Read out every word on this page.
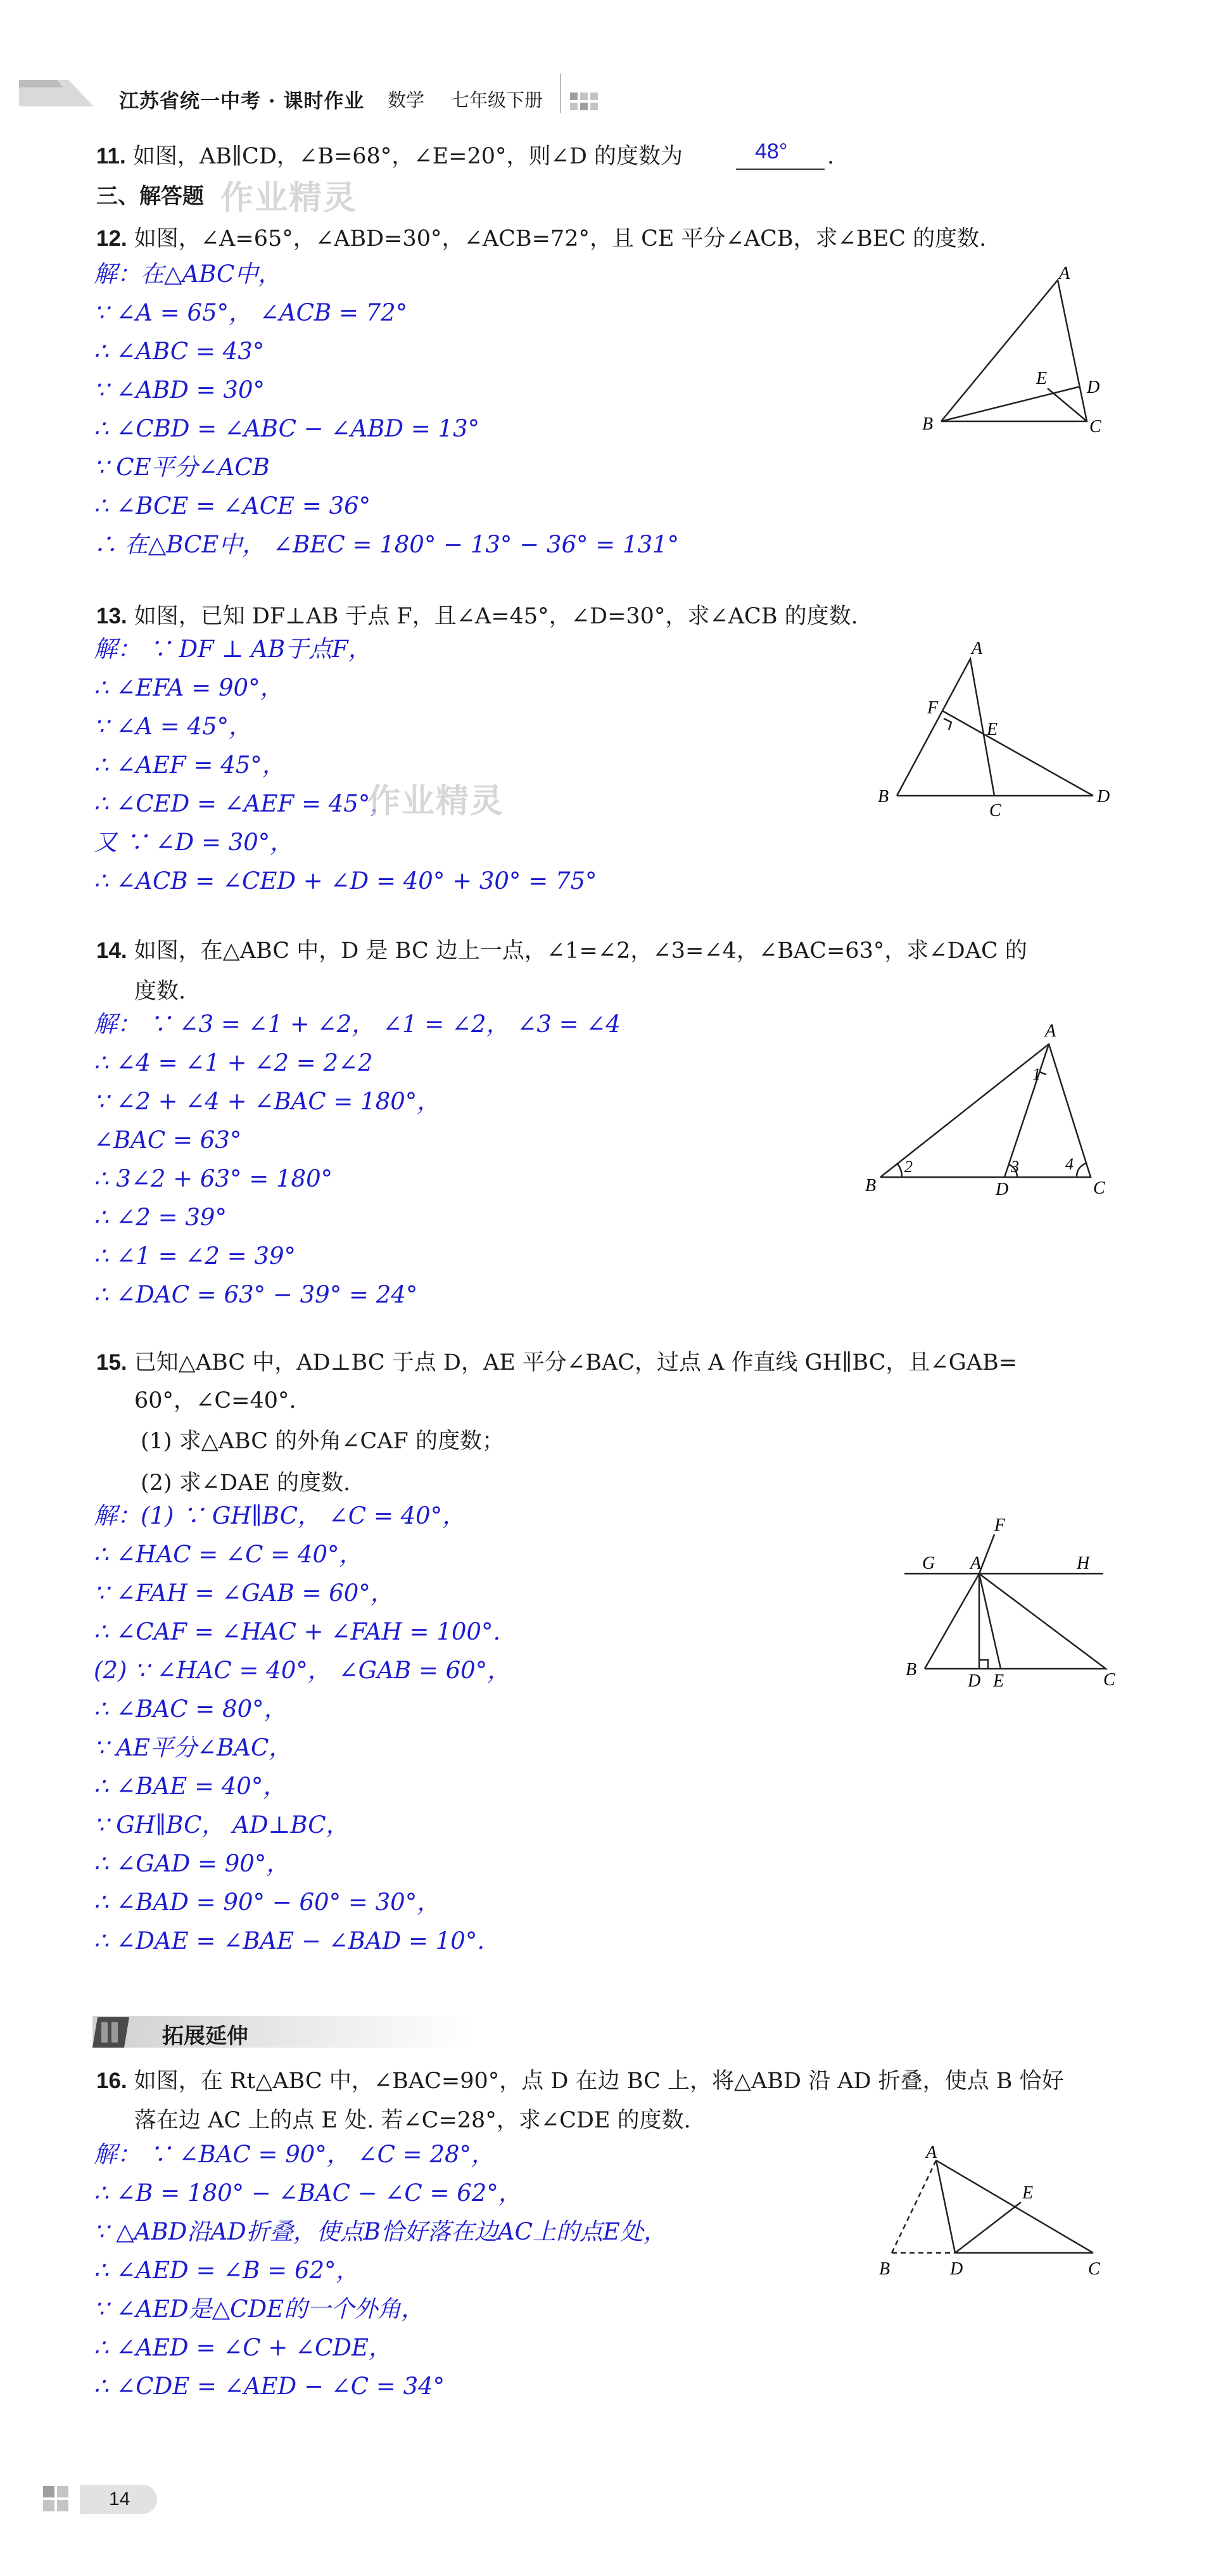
江苏省统一中考 · 课时作业 数学 七年级下册
11. 如图，AB∥CD，∠B=68°，∠E=20°，则∠D 的度数为	48° .
三、解答题 作业精灵
12. 如图，∠A=65°，∠ABD=30°，∠ACB=72°，且 CE 平分∠ACB，求∠BEC 的度数.
解：在△ABC中，
∵ ∠A = 65°， ∠ACB = 72°
∴ ∠ABC = 43°
∵ ∠ABD = 30°
∴ ∠CBD = ∠ABC − ∠ABD = 13°
∵ CE平分∠ACB
∴ ∠BCE = ∠ACE = 36°
∴ 在△BCE中， ∠BEC = 180° − 13° − 36° = 131°
A
B	C
D
E
13. 如图，已知 DF⊥AB 于点 F，且∠A=45°，∠D=30°，求∠ACB 的度数.
解： ∵ DF ⊥ AB于点F，
∴ ∠EFA = 90°，
∵ ∠A = 45°，
∴ ∠AEF = 45°，
∴ ∠CED = ∠AEF = 45°，
又 ∵ ∠D = 30°，
∴ ∠ACB = ∠CED + ∠D = 40° + 30° = 75°
作业精灵
A
B
C
D
E
F
14. 如图，在△ABC 中，D 是 BC 边上一点，∠1=∠2，∠3=∠4，∠BAC=63°，求∠DAC 的
度数.
解： ∵ ∠3 = ∠1 + ∠2， ∠1 = ∠2， ∠3 = ∠4
∴ ∠4 = ∠1 + ∠2 = 2∠2
∵ ∠2 + ∠4 + ∠BAC = 180°，
∠BAC = 63°
∴ 3∠2 + 63° = 180°
∴ ∠2 = 39°
∴ ∠1 = ∠2 = 39°
∴ ∠DAC = 63° − 39° = 24°
A
B	C
D
1
2	3	4
15. 已知△ABC 中，AD⊥BC 于点 D，AE 平分∠BAC，过点 A 作直线 GH∥BC，且∠GAB=
60°，∠C=40°.
(1) 求△ABC 的外角∠CAF 的度数；
(2) 求∠DAE 的度数.
解：(1) ∵ GH∥BC， ∠C = 40°，
∴ ∠HAC = ∠C = 40°，
∵ ∠FAH = ∠GAB = 60°，
∴ ∠CAF = ∠HAC + ∠FAH = 100°.
(2) ∵ ∠HAC = 40°， ∠GAB = 60°，
∴ ∠BAC = 80°，
∵ AE平分∠BAC，
∴ ∠BAE = 40°，
∵ GH∥BC， AD⊥BC，
∴ ∠GAD = 90°，
∴ ∠BAD = 90° − 60° = 30°，
∴ ∠DAE = ∠BAE − ∠BAD = 10°.
F
G A	H
B
D E	C
拓展延伸
16. 如图，在 Rt△ABC 中，∠BAC=90°，点 D 在边 BC 上，将△ABD 沿 AD 折叠，使点 B 恰好
落在边 AC 上的点 E 处. 若∠C=28°，求∠CDE 的度数.
解： ∵ ∠BAC = 90°， ∠C = 28°，
∴ ∠B = 180° − ∠BAC − ∠C = 62°，
∵ △ABD沿AD折叠，使点B恰好落在边AC上的点E处，
∴ ∠AED = ∠B = 62°，
∵ ∠AED是△CDE的一个外角，
∴ ∠AED = ∠C + ∠CDE，
∴ ∠CDE = ∠AED − ∠C = 34°
A
B	D	C
E
14
